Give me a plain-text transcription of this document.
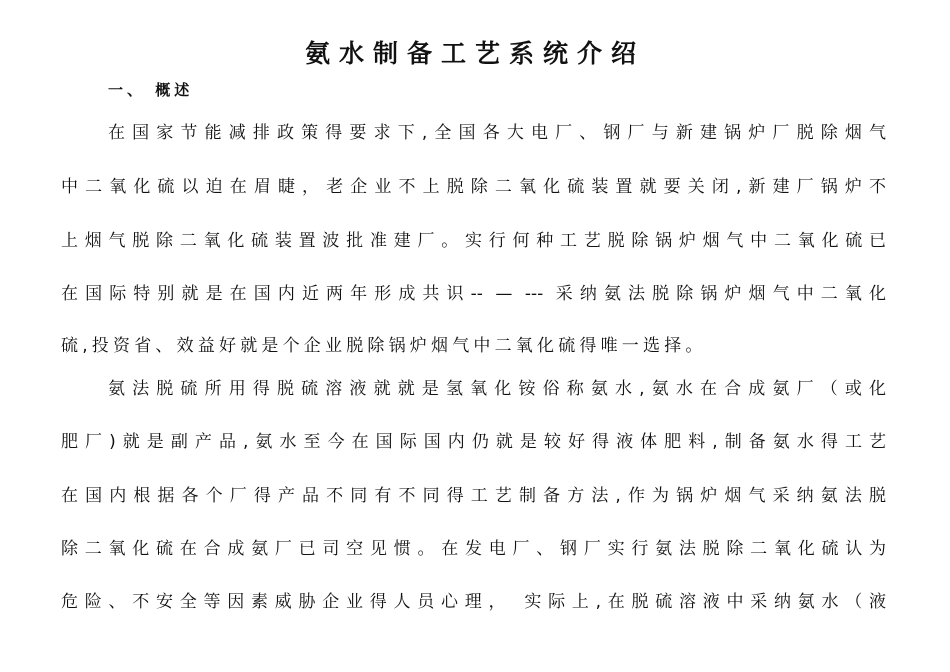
氨水制备工艺系统介绍
一、 概述
在国家节能减排政策得要求下,全国各大电厂、钢厂与新建锅炉厂脱除烟气
中二氧化硫以迫在眉睫，老企业不上脱除二氧化硫装置就要关闭,新建厂锅炉不
上烟气脱除二氧化硫装置波批准建厂。实行何种工艺脱除锅炉烟气中二氧化硫已
在国际特别就是在国内近两年形成共识-- — --- 采纳氨法脱除锅炉烟气中二氧化
硫,投资省、效益好就是个企业脱除锅炉烟气中二氧化硫得唯一选择。
氨法脱硫所用得脱硫溶液就就是氢氧化铵俗称氨水,氨水在合成氨厂（或化
肥厂)就是副产品,氨水至今在国际国内仍就是较好得液体肥料,制备氨水得工艺
在国内根据各个厂得产品不同有不同得工艺制备方法,作为锅炉烟气采纳氨法脱
除二氧化硫在合成氨厂已司空见惯。在发电厂、钢厂实行氨法脱除二氧化硫认为
危险、不安全等因素威胁企业得人员心理， 实际上,在脱硫溶液中采纳氨水（液
